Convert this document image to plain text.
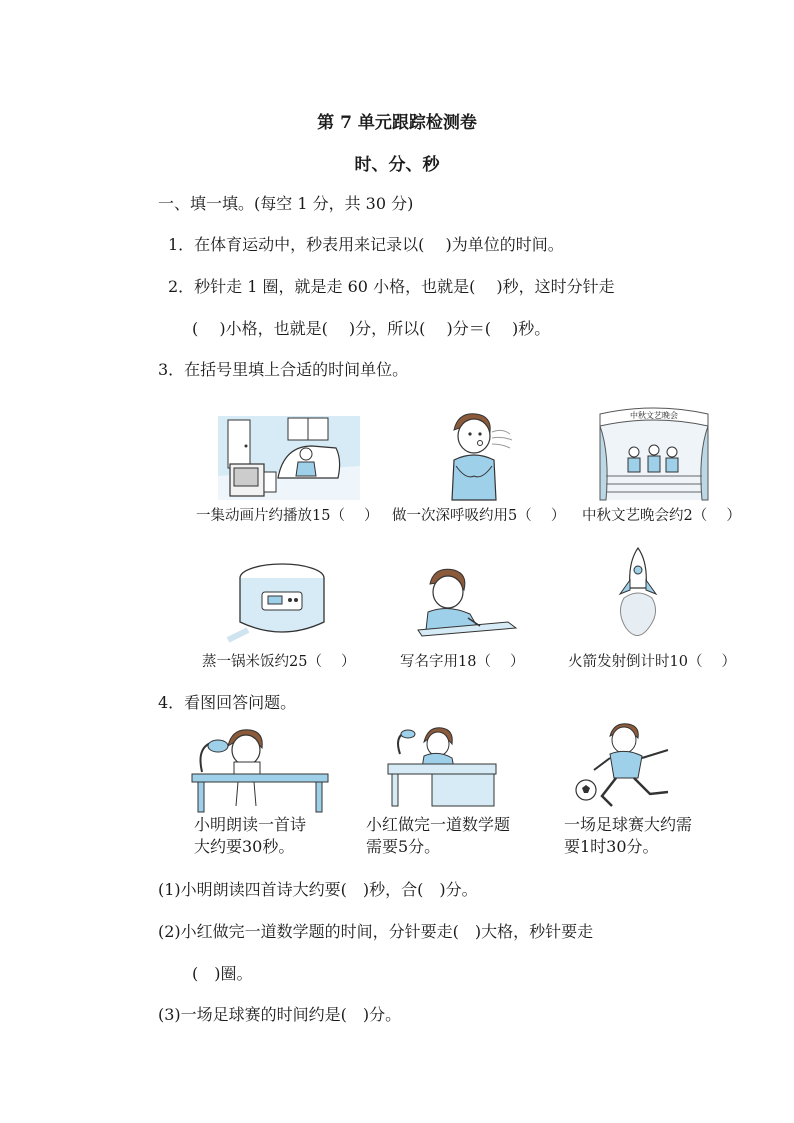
第 7 单元跟踪检测卷
时、分、秒
一、填一填。(每空 1 分，共 30 分)
1．在体育运动中，秒表用来记录以(  )为单位的时间。
2．秒针走 1 圈，就是走 60 小格，也就是(  )秒，这时分针走
(  )小格，也就是(  )分，所以(  )分＝(  )秒。
3．在括号里填上合适的时间单位。
中秋文艺晚会
一集动画片约播放15（  ） 做一次深呼吸约用5（  ） 中秋文艺晚会约2（  ）
蒸一锅米饭约25（  ）	写名字用18（  ）	火箭发射倒计时10（  ）
4．看图回答问题。
小明朗读一首诗大约要30秒。
小红做完一道数学题需要5分。
一场足球赛大约需要1时30分。
(1)小明朗读四首诗大约要( )秒，合( )分。
(2)小红做完一道数学题的时间，分针要走( )大格，秒针要走
( )圈。
(3)一场足球赛的时间约是( )分。
